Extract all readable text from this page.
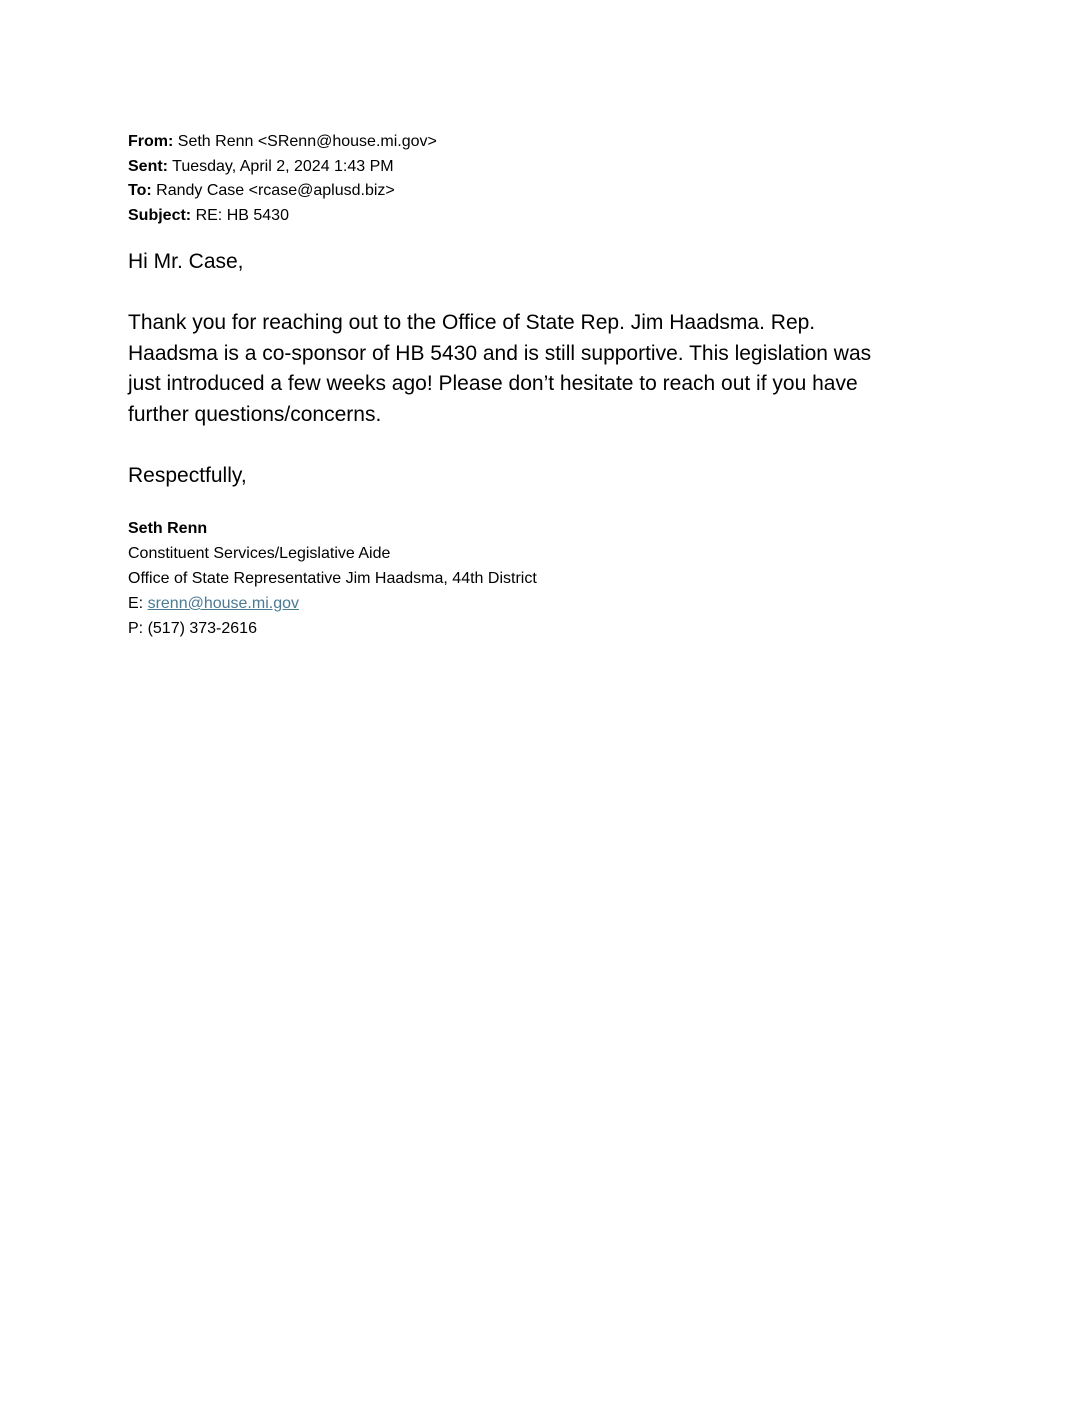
From: Seth Renn <SRenn@house.mi.gov>
Sent: Tuesday, April 2, 2024 1:43 PM
To: Randy Case <rcase@aplusd.biz>
Subject: RE: HB 5430
Hi Mr. Case,
Thank you for reaching out to the Office of State Rep. Jim Haadsma. Rep.
Haadsma is a co-sponsor of HB 5430 and is still supportive. This legislation was
just introduced a few weeks ago! Please don’t hesitate to reach out if you have
further questions/concerns.
Respectfully,
Seth Renn
Constituent Services/Legislative Aide
Office of State Representative Jim Haadsma, 44th District
E: srenn@house.mi.gov
P: (517) 373-2616
